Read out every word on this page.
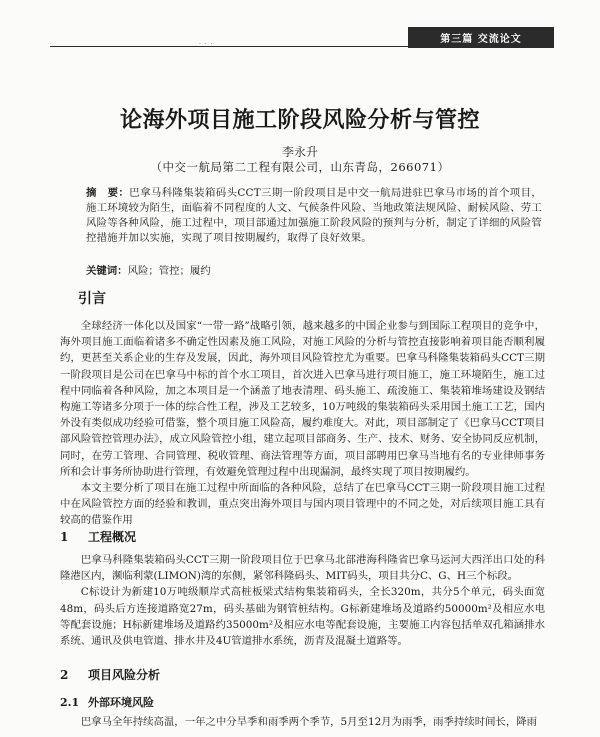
第三篇 交流论文
· · ·
论海外项目施工阶段风险分析与管控
李永升
（中交一航局第二工程有限公司，山东青岛，266071）
摘　要：巴拿马科隆集装箱码头CCT三期一阶段项目是中交一航局进驻巴拿马市场的首个项目，施工环境较为陌生，面临着不同程度的人文、气候条件风险、当地政策法规风险、耐候风险、劳工风险等各种风险，施工过程中，项目部通过加强施工阶段风险的预判与分析，制定了详细的风险管控措施并加以实施，实现了项目按期履约，取得了良好效果。
关键词：风险；管控；履约
引言

全球经济一体化以及国家“一带一路”战略引领，越来越多的中国企业参与到国际工程项目的竞争中，海外项目施工面临着诸多不确定性因素及施工风险，对施工风险的分析与管控直接影响着项目能否顺利履约，更甚至关系企业的生存及发展，因此，海外项目风险管控尤为重要。巴拿马科隆集装箱码头CCT三期一阶段项目是公司在巴拿马中标的首个水工项目，首次进入巴拿马进行项目施工，施工环境陌生，施工过程中同临着各种风险，加之本项目是一个涵盖了地表清理、码头施工、疏浚施工、集装箱堆场建设及钢结构施工等诸多分项于一体的综合性工程，涉及工艺较多，10万吨级的集装箱码头采用国土施工工艺，国内外没有类似成功经验可借鉴，整个项目施工风险高，履约难度大。对此，项目部制定了《巴拿马CCT项目部风险管控管理办法》，成立风险管控小组，建立起项目部商务、生产、技术、财务、安全协同反应机制，同时，在劳工管理、合同管理、税收管理、商法管理等方面，项目部聘用巴拿马当地有名的专业律师事务所和会计事务所协助进行管理，有效避免管理过程中出现漏洞，最终实现了项目按期履约。

本文主要分析了项目在施工过程中所面临的各种风险，总结了在巴拿马CCT三期一阶段项目施工过程中在风险管控方面的经验和教训，重点突出海外项目与国内项目管理中的不同之处，对后续项目施工具有较高的借鉴作用

1 工程概况

巴拿马科隆集装箱码头CCT三期一阶段项目位于巴拿马北部港海科隆省巴拿马运河大西洋出口处的科隆港区内，濒临利蒙(LIMON)湾的东侧，紧邻科隆码头、MIT码头，项目共分C、G、H三个标段。

C标设计为新建10万吨级顺岸式高桩板梁式结构集装箱码头，全长320m，共分5个单元，码头面宽48m，码头后方连接道路宽27m，码头基础为钢管桩结构。G标新建堆场及道路约50000m²及相应水电等配套设施；H标新建堆场及道路约35000m²及相应水电等配套设施，主要施工内容包括单双孔箱涵排水系统、通讯及供电管道、排水井及4U管道排水系统，沥青及混凝土道路等。

2 项目风险分析
2.1 外部环境风险

巴拿马全年持续高温，一年之中分旱季和雨季两个季节，5月至12月为雨季，雨季持续时间长，降雨
